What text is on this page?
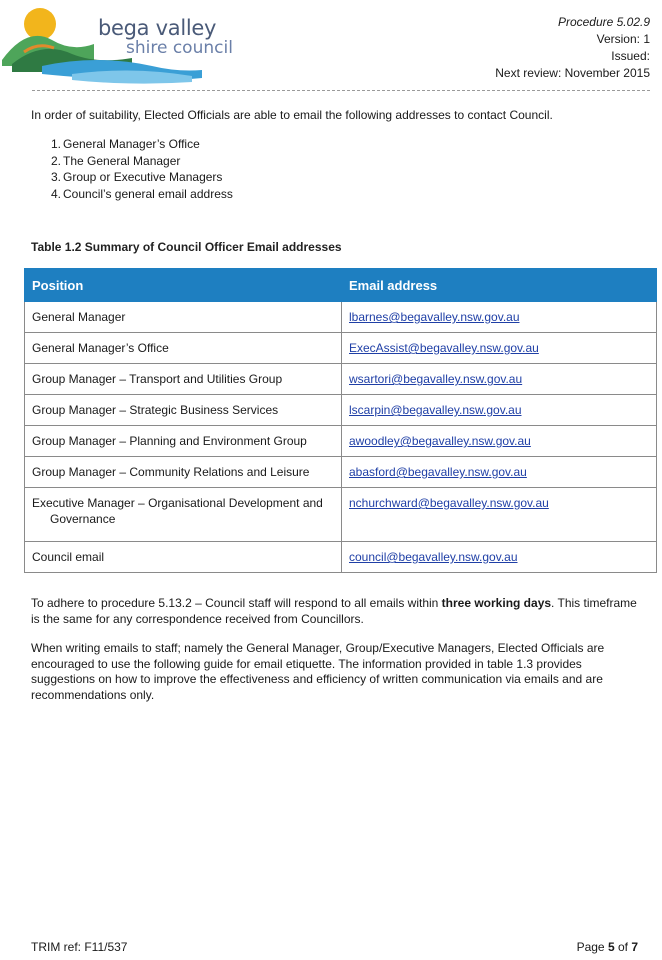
bega valley
shire council
Procedure 5.02.9
Version: 1
Issued:
Next review: November 2015
In order of suitability, Elected Officials are able to email the following addresses to contact Council.
1. General Manager’s Office
2. The General Manager
3. Group or Executive Managers
4. Council’s general email address
Table 1.2 Summary of Council Officer Email addresses
Position	Email address
General Manager	lbarnes@begavalley.nsw.gov.au
General Manager’s Office	ExecAssist@begavalley.nsw.gov.au
Group Manager – Transport and Utilities Group	wsartori@begavalley.nsw.gov.au
Group Manager – Strategic Business Services	lscarpin@begavalley.nsw.gov.au
Group Manager – Planning and Environment Group	awoodley@begavalley.nsw.gov.au
Group Manager – Community Relations and Leisure	abasford@begavalley.nsw.gov.au
Executive Manager – Organisational Development and
Governance	nchurchward@begavalley.nsw.gov.au
Council email	council@begavalley.nsw.gov.au

To adhere to procedure 5.13.2 – Council staff will respond to all emails within three working days. This timeframe is the same for any correspondence received from Councillors.

When writing emails to staff; namely the General Manager, Group/Executive Managers, Elected Officials are encouraged to use the following guide for email etiquette. The information provided in table 1.3 provides suggestions on how to improve the effectiveness and efficiency of written communication via emails and are recommendations only.

TRIM ref: F11/537	Page 5 of 7
